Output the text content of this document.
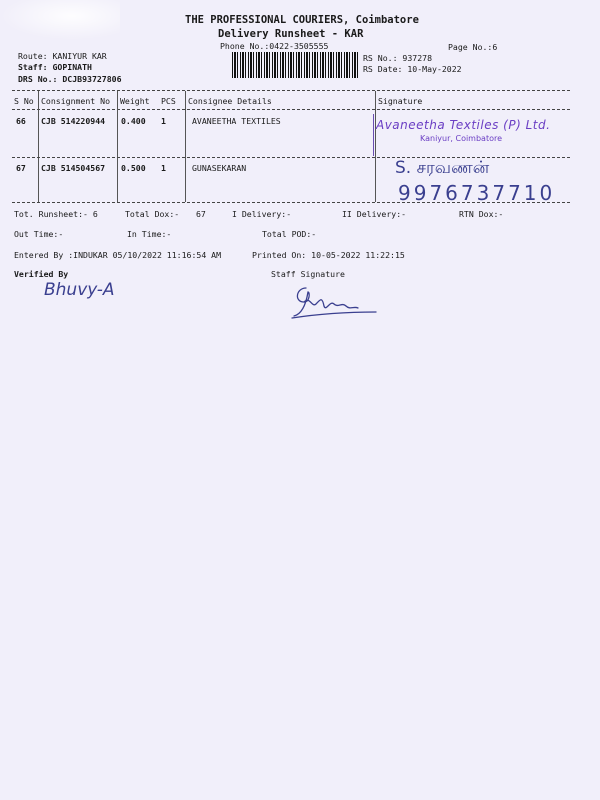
THE PROFESSIONAL COURIERS, Coimbatore
Delivery Runsheet - KAR
Phone No.:0422-3505555	Page No.:6
Route: KANIYUR KAR
Staff: GOPINATH
DRS No.: DCJB93727806
RS No.: 937278
RS Date: 10-May-2022
S No Consignment No Weight PCS Consignee Details	Signature
66 CJB 514220944 0.400 1	AVANEETHA TEXTILES	Avaneetha Textiles (P) Ltd.
Kaniyur, Coimbatore
67 CJB 514504567 0.500 1	GUNASEKARAN	S. சரவணன்
9976737710
Tot. Runsheet:- 6	Total Dox:- 67	I Delivery:-	II Delivery:-	RTN Dox:-
Out Time:-	In Time:-	Total POD:-
Entered By :INDUKAR 05/10/2022 11:16:54 AM	Printed On: 10-05-2022 11:22:15
Verified By	Staff Signature
Bhuvy-A
